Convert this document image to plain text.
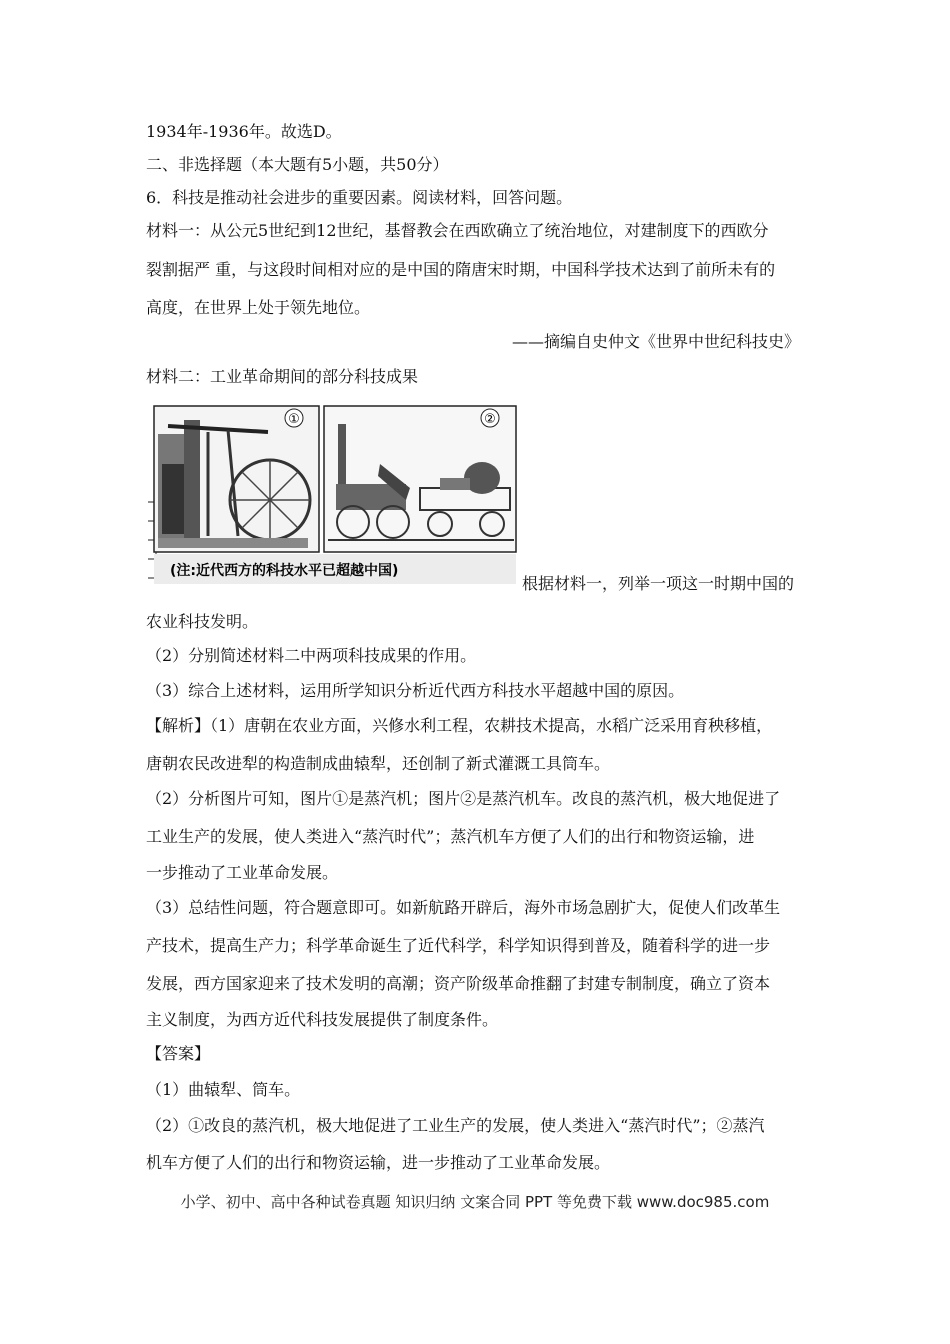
1934年-1936年。故选D。
二、非选择题（本大题有5小题，共50分）
6．科技是推动社会进步的重要因素。阅读材料，回答问题。
材料一：从公元5世纪到12世纪，基督教会在西欧确立了统治地位，对建制度下的西欧分
裂割据严 重，与这段时间相对应的是中国的隋唐宋时期，中国科学技术达到了前所未有的
高度，在世界上处于领先地位。
——摘编自史仲文《世界中世纪科技史》
材料二：工业革命期间的部分科技成果
①	②
(注:近代西方的科技水平已超越中国)
根据材料一，列举一项这一时期中国的
农业科技发明。
（2）分别简述材料二中两项科技成果的作用。
（3）综合上述材料，运用所学知识分析近代西方科技水平超越中国的原因。
【解析】（1）唐朝在农业方面，兴修水利工程，农耕技术提高，水稻广泛采用育秧移植，
唐朝农民改进犁的构造制成曲辕犁，还创制了新式灌溉工具筒车。
（2）分析图片可知，图片①是蒸汽机；图片②是蒸汽机车。改良的蒸汽机，极大地促进了
工业生产的发展，使人类进入“蒸汽时代”；蒸汽机车方便了人们的出行和物资运输，进
一步推动了工业革命发展。
（3）总结性问题，符合题意即可。如新航路开辟后，海外市场急剧扩大，促使人们改革生
产技术，提高生产力；科学革命诞生了近代科学，科学知识得到普及，随着科学的进一步
发展，西方国家迎来了技术发明的高潮；资产阶级革命推翻了封建专制制度，确立了资本
主义制度，为西方近代科技发展提供了制度条件。
【答案】
（1）曲辕犁、筒车。
（2）①改良的蒸汽机，极大地促进了工业生产的发展，使人类进入“蒸汽时代”；②蒸汽
机车方便了人们的出行和物资运输，进一步推动了工业革命发展。
小学、初中、高中各种试卷真题 知识归纳 文案合同 PPT 等免费下载 www.doc985.com
